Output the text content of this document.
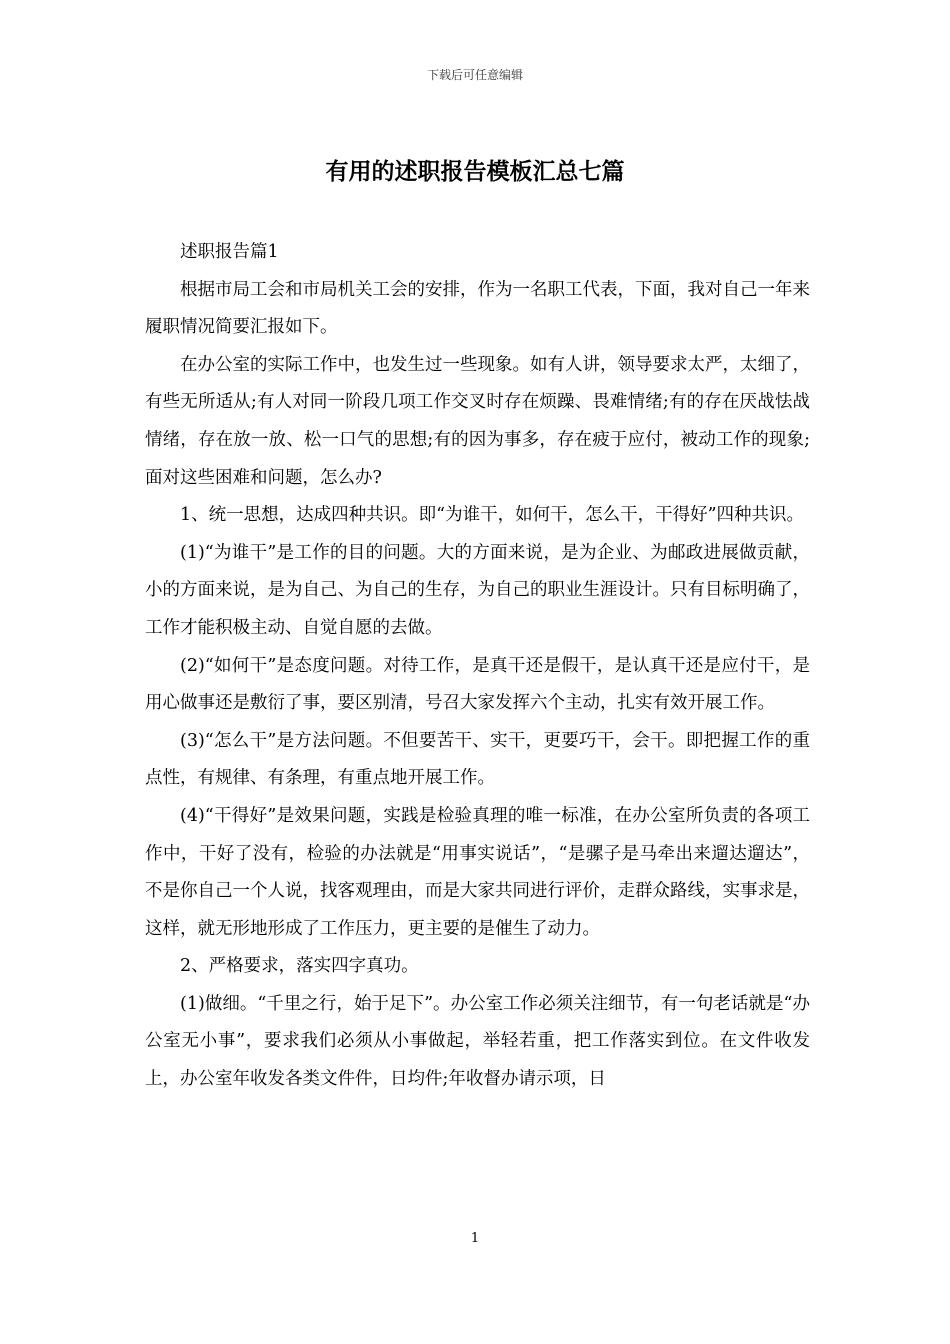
下载后可任意编辑
有用的述职报告模板汇总七篇

述职报告篇1

根据市局工会和市局机关工会的安排，作为一名职工代表，下面，我对自己一年来履职情况简要汇报如下。

在办公室的实际工作中，也发生过一些现象。如有人讲，领导要求太严，太细了，有些无所适从;有人对同一阶段几项工作交叉时存在烦躁、畏难情绪;有的存在厌战怯战情绪，存在放一放、松一口气的思想;有的因为事多，存在疲于应付，被动工作的现象;面对这些困难和问题，怎么办?

1、统一思想，达成四种共识。即“为谁干，如何干，怎么干，干得好”四种共识。

(1)“为谁干”是工作的目的问题。大的方面来说，是为企业、为邮政进展做贡献，小的方面来说，是为自己、为自己的生存，为自己的职业生涯设计。只有目标明确了，工作才能积极主动、自觉自愿的去做。

(2)“如何干”是态度问题。对待工作，是真干还是假干，是认真干还是应付干，是用心做事还是敷衍了事，要区别清，号召大家发挥六个主动，扎实有效开展工作。

(3)“怎么干”是方法问题。不但要苦干、实干，更要巧干，会干。即把握工作的重点性，有规律、有条理，有重点地开展工作。

(4)“干得好”是效果问题，实践是检验真理的唯一标准，在办公室所负责的各项工作中，干好了没有，检验的办法就是“用事实说话”，“是骡子是马牵出来遛达遛达”，不是你自己一个人说，找客观理由，而是大家共同进行评价，走群众路线，实事求是，这样，就无形地形成了工作压力，更主要的是催生了动力。

2、严格要求，落实四字真功。

(1)做细。“千里之行，始于足下”。办公室工作必须关注细节，有一句老话就是“办公室无小事”，要求我们必须从小事做起，举轻若重，把工作落实到位。在文件收发上，办公室年收发各类文件件，日均件;年收督办请示项，日

1
